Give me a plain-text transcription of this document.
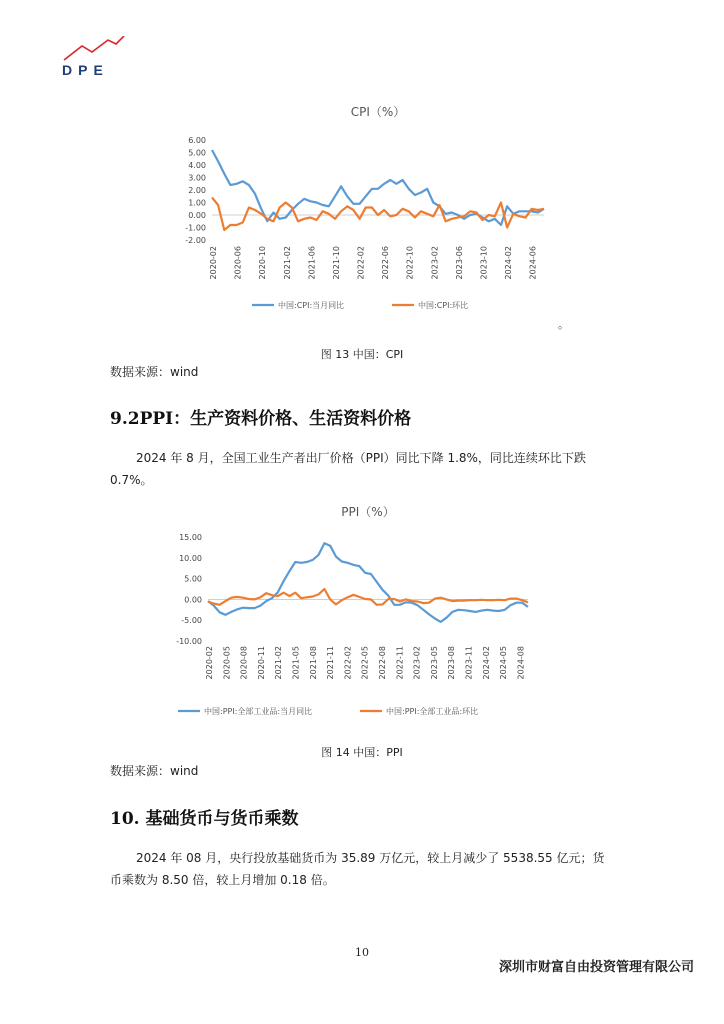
DPE
CPI（%）
6.00
5.00
4.00
3.00
2.00
1.00
0.00
-1.00
-2.00
2020-02 2020-06 2020-10 2021-02 2021-06 2021-10 2022-02 2022-06 2022-10 2023-02 2023-06 2023-10 2024-02 2024-06
中国:CPI:当月同比	中国:CPI:环比
。
图 13 中国：CPI
数据来源：wind
9.2PPI：生产资料价格、生活资料价格
2024 年 8 月，全国工业生产者出厂价格（PPI）同比下降 1.8%，同比连续环比下跌 0.7%。
PPI（%）
15.00
10.00
5.00
0.00
-5.00
-10.00
2020-02 2020-05 2020-08 2020-11 2021-02 2021-05 2021-08 2021-11 2022-02 2022-05 2022-08 2022-11 2023-02 2023-05 2023-08 2023-11 2024-02 2024-05 2024-08
中国:PPI:全部工业品:当月同比	中国:PPI:全部工业品:环比
图 14 中国：PPI
数据来源：wind
10. 基础货币与货币乘数
2024 年 08 月，央行投放基础货币为 35.89 万亿元，较上月减少了 5538.55 亿元；货币乘数为 8.50 倍，较上月增加 0.18 倍。
10
深圳市财富自由投资管理有限公司
